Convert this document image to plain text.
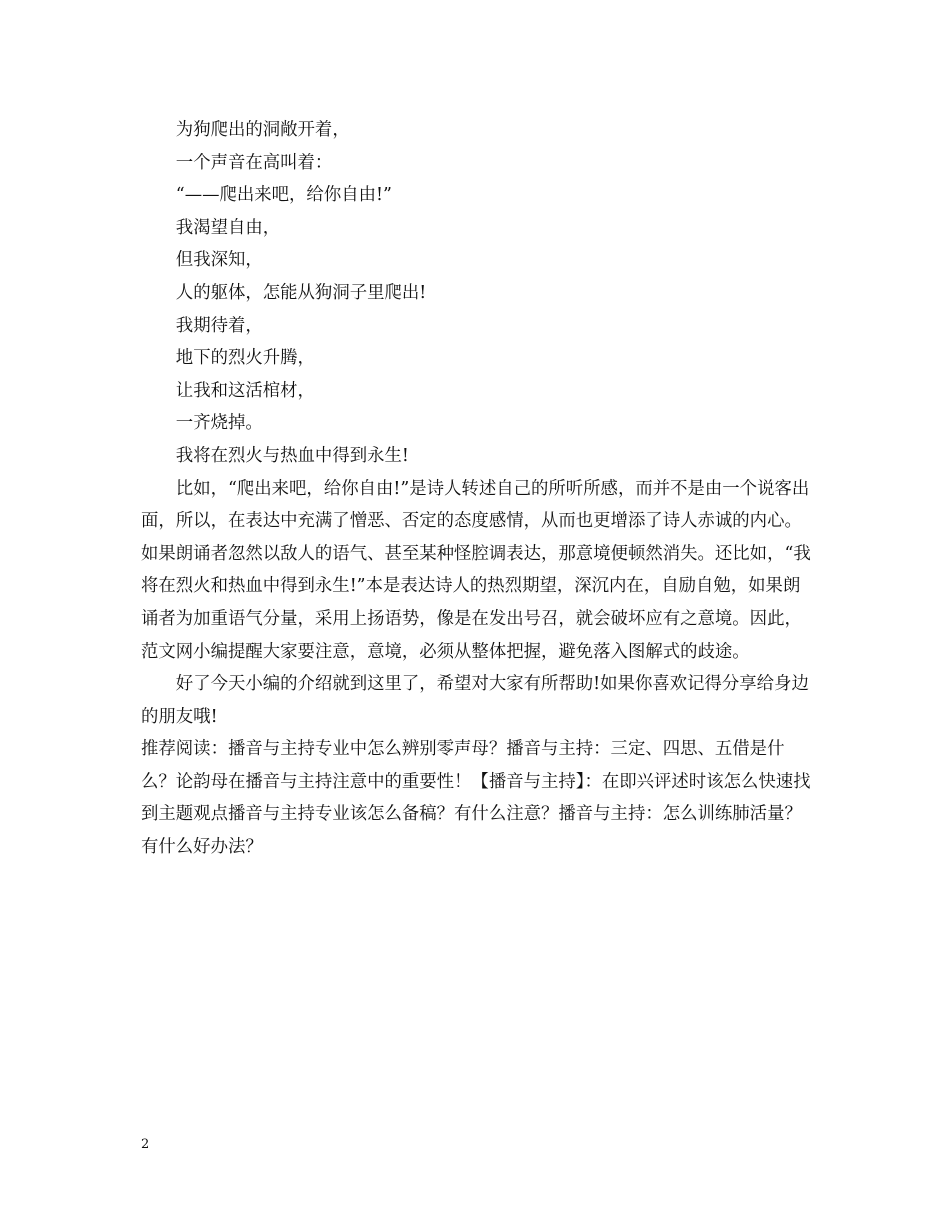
为狗爬出的洞敞开着，

一个声音在高叫着：

“——爬出来吧，给你自由!”

我渴望自由，

但我深知，

人的躯体，怎能从狗洞子里爬出!

我期待着，

地下的烈火升腾，

让我和这活棺材，

一齐烧掉。

我将在烈火与热血中得到永生!

比如，“爬出来吧，给你自由!”是诗人转述自己的所听所感，而并不是由一个说客出面，所以，在表达中充满了憎恶、否定的态度感情，从而也更增添了诗人赤诚的内心。如果朗诵者忽然以敌人的语气、甚至某种怪腔调表达，那意境便顿然消失。还比如，“我将在烈火和热血中得到永生!”本是表达诗人的热烈期望，深沉内在，自励自勉，如果朗诵者为加重语气分量，采用上扬语势，像是在发出号召，就会破坏应有之意境。因此，范文网小编提醒大家要注意，意境，必须从整体把握，避免落入图解式的歧途。

好了今天小编的介绍就到这里了，希望对大家有所帮助!如果你喜欢记得分享给身边的朋友哦!

推荐阅读：播音与主持专业中怎么辨别零声母？播音与主持：三定、四思、五借是什么？论韵母在播音与主持注意中的重要性！【播音与主持】：在即兴评述时该怎么快速找到主题观点播音与主持专业该怎么备稿？有什么注意？播音与主持：怎么训练肺活量？有什么好办法？

2
